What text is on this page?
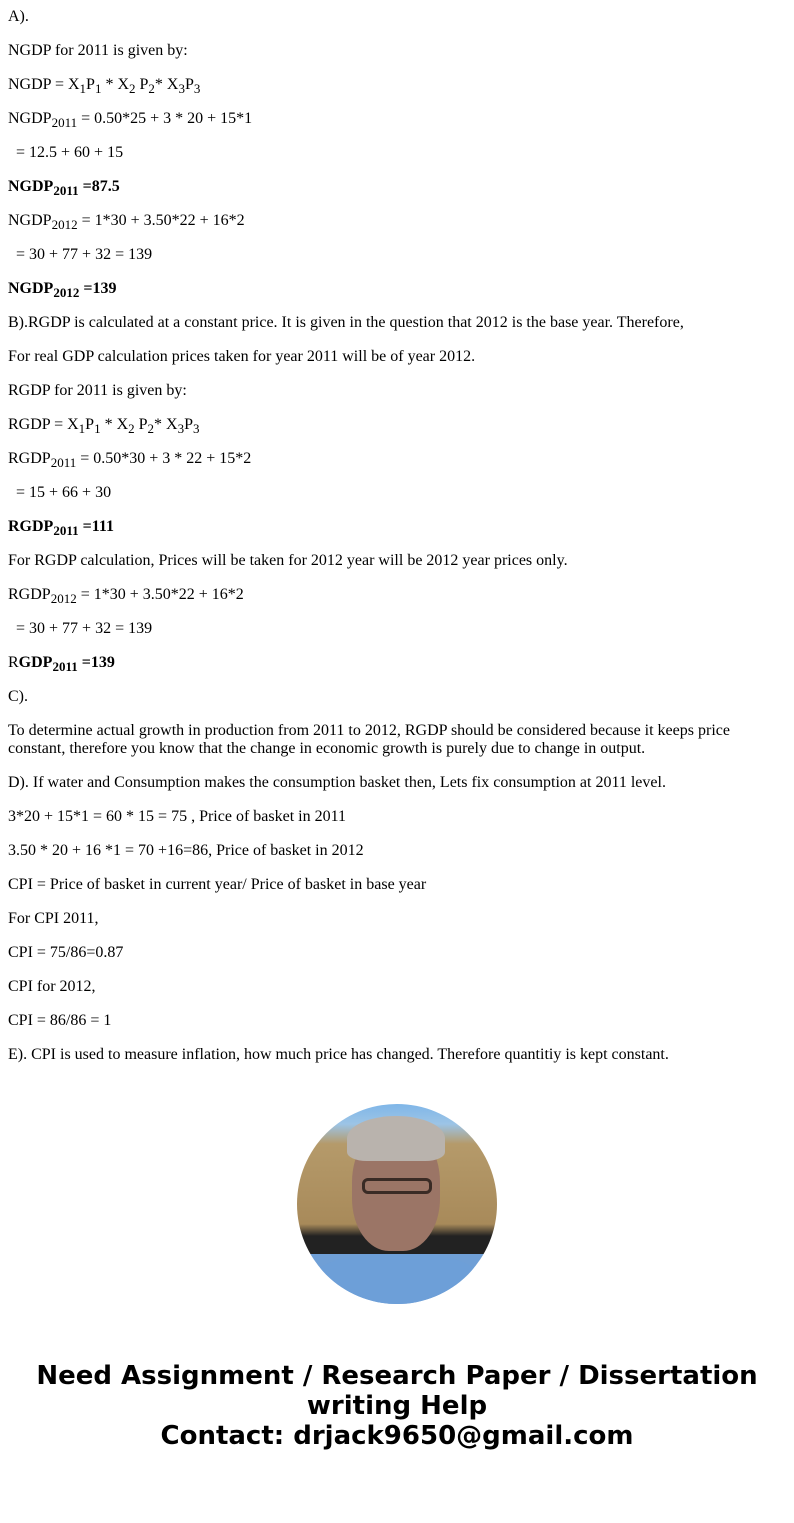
A).

NGDP for 2011 is given by:

NGDP = $X_1P_1 * X_2$ $P_2*$ $X_3P_3$

$NGDP_{2011} = 0.50*25 + 3 * 20 + 15*1$

= 12.5 + 60 + 15

$NGDP_{2011} =87.5$

$NGDP_{2012} = 1*30 + 3.50*22 + 16*2$

= 30 + 77 + 32 = 139

$NGDP_{2012} =139$

B).RGDP is calculated at a constant price. It is given in the question that 2012 is the base year. Therefore,

For real GDP calculation prices taken for year 2011 will be of year 2012.

RGDP for 2011 is given by:

RGDP = $X_1P_1 * X_2$ $P_2*$ $X_3P_3$

$RGDP_{2011} = 0.50*30 + 3 * 22 + 15*2$

= 15 + 66 + 30

$RGDP_{2011} =111$

For RGDP calculation, Prices will be taken for 2012 year will be 2012 year prices only.

$RGDP_{2012} = 1*30 + 3.50*22 + 16*2$

= 30 + 77 + 32 = 139

$RGDP_{2011} =139$

C).

To determine actual growth in production from 2011 to 2012, RGDP should be considered because it keeps price constant, therefore you know that the change in economic growth is purely due to change in output.

D). If water and Consumption makes the consumption basket then, Lets fix consumption at 2011 level.

3*20 + 15*1 = 60 * 15 = 75 , Price of basket in 2011

3.50 * 20 + 16 *1 = 70 +16=86, Price of basket in 2012

CPI = Price of basket in current year/ Price of basket in base year

For CPI 2011,

CPI = 75/86=0.87

CPI for 2012,

CPI = 86/86 = 1

E). CPI is used to measure inflation, how much price has changed. Therefore quantitiy is kept constant.

Need Assignment / Research Paper / Dissertation
writing Help
Contact: drjack9650@gmail.com
